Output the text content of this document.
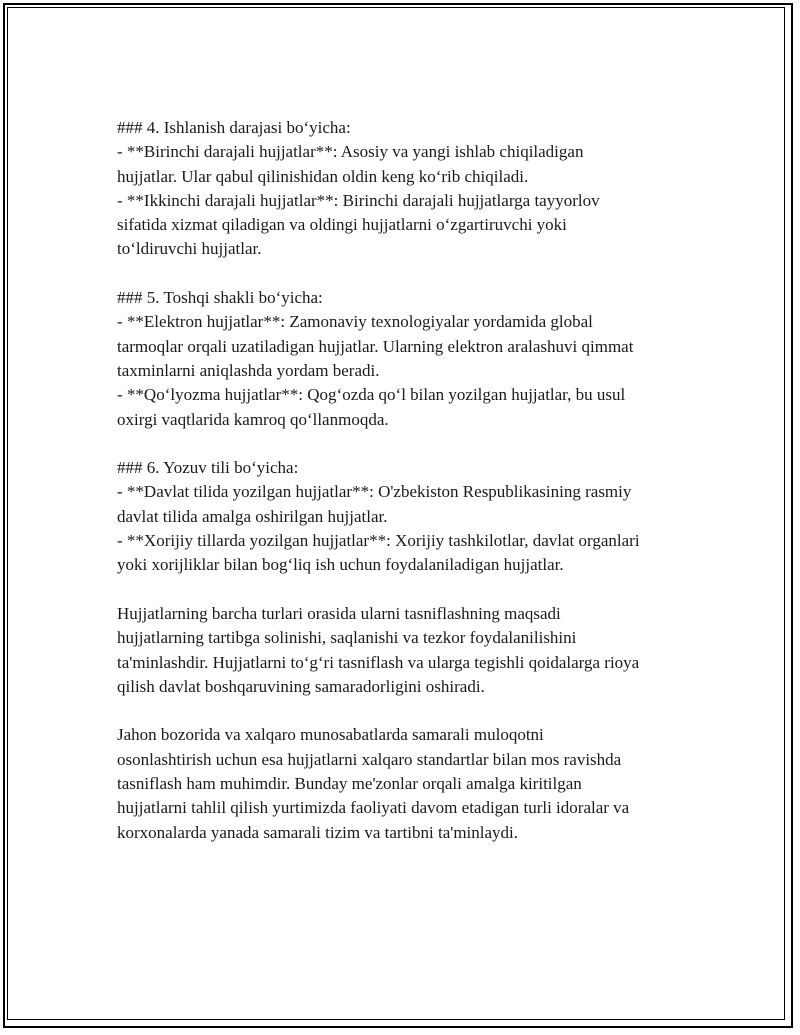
### 4. Ishlanish darajasi bo‘yicha:
- **Birinchi darajali hujjatlar**: Asosiy va yangi ishlab chiqiladigan
hujjatlar. Ular qabul qilinishidan oldin keng ko‘rib chiqiladi.
- **Ikkinchi darajali hujjatlar**: Birinchi darajali hujjatlarga tayyorlov
sifatida xizmat qiladigan va oldingi hujjatlarni o‘zgartiruvchi yoki
to‘ldiruvchi hujjatlar.
### 5. Toshqi shakli bo‘yicha:
- **Elektron hujjatlar**: Zamonaviy texnologiyalar yordamida global
tarmoqlar orqali uzatiladigan hujjatlar. Ularning elektron aralashuvi qimmat
taxminlarni aniqlashda yordam beradi.
- **Qo‘lyozma hujjatlar**: Qog‘ozda qo‘l bilan yozilgan hujjatlar, bu usul
oxirgi vaqtlarida kamroq qo‘llanmoqda.
### 6. Yozuv tili bo‘yicha:
- **Davlat tilida yozilgan hujjatlar**: O'zbekiston Respublikasining rasmiy
davlat tilida amalga oshirilgan hujjatlar.
- **Xorijiy tillarda yozilgan hujjatlar**: Xorijiy tashkilotlar, davlat organlari
yoki xorijliklar bilan bog‘liq ish uchun foydalaniladigan hujjatlar.
Hujjatlarning barcha turlari orasida ularni tasniflashning maqsadi
hujjatlarning tartibga solinishi, saqlanishi va tezkor foydalanilishini
ta'minlashdir. Hujjatlarni to‘g‘ri tasniflash va ularga tegishli qoidalarga rioya
qilish davlat boshqaruvining samaradorligini oshiradi.
Jahon bozorida va xalqaro munosabatlarda samarali muloqotni
osonlashtirish uchun esa hujjatlarni xalqaro standartlar bilan mos ravishda
tasniflash ham muhimdir. Bunday me'zonlar orqali amalga kiritilgan
hujjatlarni tahlil qilish yurtimizda faoliyati davom etadigan turli idoralar va
korxonalarda yanada samarali tizim va tartibni ta'minlaydi.
